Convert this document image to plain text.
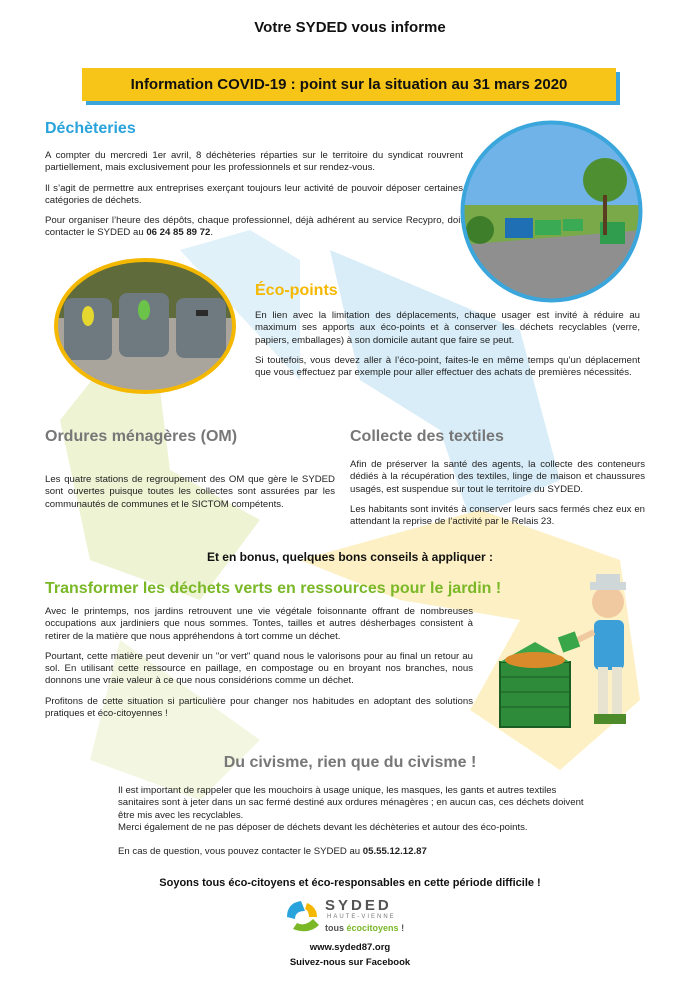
Votre SYDED vous informe
Information COVID-19 : point sur la situation au 31 mars 2020
Déchèteries

A compter du mercredi 1er avril, 8 déchèteries réparties sur le territoire du syndicat rouvrent partiellement, mais exclusivement pour les professionnels et sur rendez-vous.

Il s’agit de permettre aux entreprises exerçant toujours leur activité de pouvoir déposer certaines catégories de déchets.

Pour organiser l’heure des dépôts, chaque professionnel, déjà adhérent au service Recypro, doit contacter le SYDED au 06 24 85 89 72.

Éco-points

En lien avec la limitation des déplacements, chaque usager est invité à réduire au maximum ses apports aux éco-points et à conserver les déchets recyclables (verre, papiers, emballages) à son domicile autant que faire se peut.

Si toutefois, vous devez aller à l’éco-point, faites-le en même temps qu’un déplacement que vous effectuez par exemple pour aller effectuer des achats de premières nécessités.

Ordures ménagères (OM)

Les quatre stations de regroupement des OM que gère le SYDED sont ouvertes puisque toutes les collectes sont assurées par les communautés de communes et le SICTOM compétents.

Collecte des textiles

Afin de préserver la santé des agents, la collecte des conteneurs dédiés à la récupération des textiles, linge de maison et chaussures usagés, est suspendue sur tout le territoire du SYDED.

Les habitants sont invités à conserver leurs sacs fermés chez eux en attendant la reprise de l’activité par le Relais 23.

Et en bonus, quelques bons conseils à appliquer :
Transformer les déchets verts en ressources pour le jardin !

Avec le printemps, nos jardins retrouvent une vie végétale foisonnante offrant de nombreuses occupations aux jardiniers que nous sommes. Tontes, tailles et autres désherbages consistent à retirer de la matière que nous appréhendons à tort comme un déchet.

Pourtant, cette matière peut devenir un "or vert" quand nous le valorisons pour au final un retour au sol. En utilisant cette ressource en paillage, en compostage ou en broyant nos branches, nous donnons une vraie valeur à ce que nous considérions comme un déchet.

Profitons de cette situation si particulière pour changer nos habitudes en adoptant des solutions pratiques et éco-citoyennes !

Du civisme, rien que du civisme !

Il est important de rappeler que les mouchoirs à usage unique, les masques, les gants et autres textiles sanitaires sont à jeter dans un sac fermé destiné aux ordures ménagères ; en aucun cas, ces déchets doivent être mis avec les recyclables.

Merci également de ne pas déposer de déchets devant les déchèteries et autour des éco-points.

En cas de question, vous pouvez contacter le SYDED au 05.55.12.12.87

Soyons tous éco-citoyens et éco-responsables en cette période difficile !
SYDED
HAUTE-VIENNE
tous écocitoyens !
www.syded87.org
Suivez-nous sur Facebook
